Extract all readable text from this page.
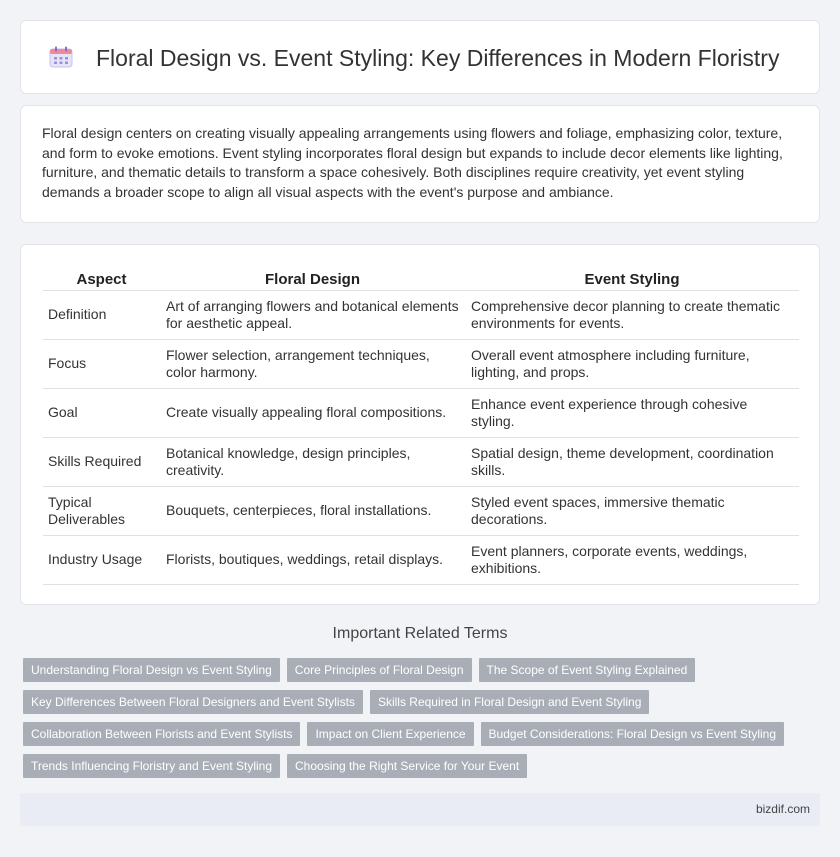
Floral Design vs. Event Styling: Key Differences in Modern Floristry

Floral design centers on creating visually appealing arrangements using flowers and foliage, emphasizing color, texture, and form to evoke emotions. Event styling incorporates floral design but expands to include decor elements like lighting, furniture, and thematic details to transform a space cohesively. Both disciplines require creativity, yet event styling demands a broader scope to align all visual aspects with the event's purpose and ambiance.

Aspect	Floral Design	Event Styling
Definition	Art of arranging flowers and botanical elements for aesthetic appeal.	Comprehensive decor planning to create thematic environments for events.
Focus	Flower selection, arrangement techniques, color harmony.	Overall event atmosphere including furniture, lighting, and props.
Goal	Create visually appealing floral compositions.	Enhance event experience through cohesive styling.
Skills Required	Botanical knowledge, design principles, creativity.	Spatial design, theme development, coordination skills.
Typical Deliverables	Bouquets, centerpieces, floral installations.	Styled event spaces, immersive thematic decorations.
Industry Usage	Florists, boutiques, weddings, retail displays.	Event planners, corporate events, weddings, exhibitions.
Important Related Terms
Understanding Floral Design vs Event Styling	Core Principles of Floral Design	The Scope of Event Styling Explained
Key Differences Between Floral Designers and Event Stylists	Skills Required in Floral Design and Event Styling
Collaboration Between Florists and Event Stylists	Impact on Client Experience	Budget Considerations: Floral Design vs Event Styling
Trends Influencing Floristry and Event Styling	Choosing the Right Service for Your Event
bizdif.com
